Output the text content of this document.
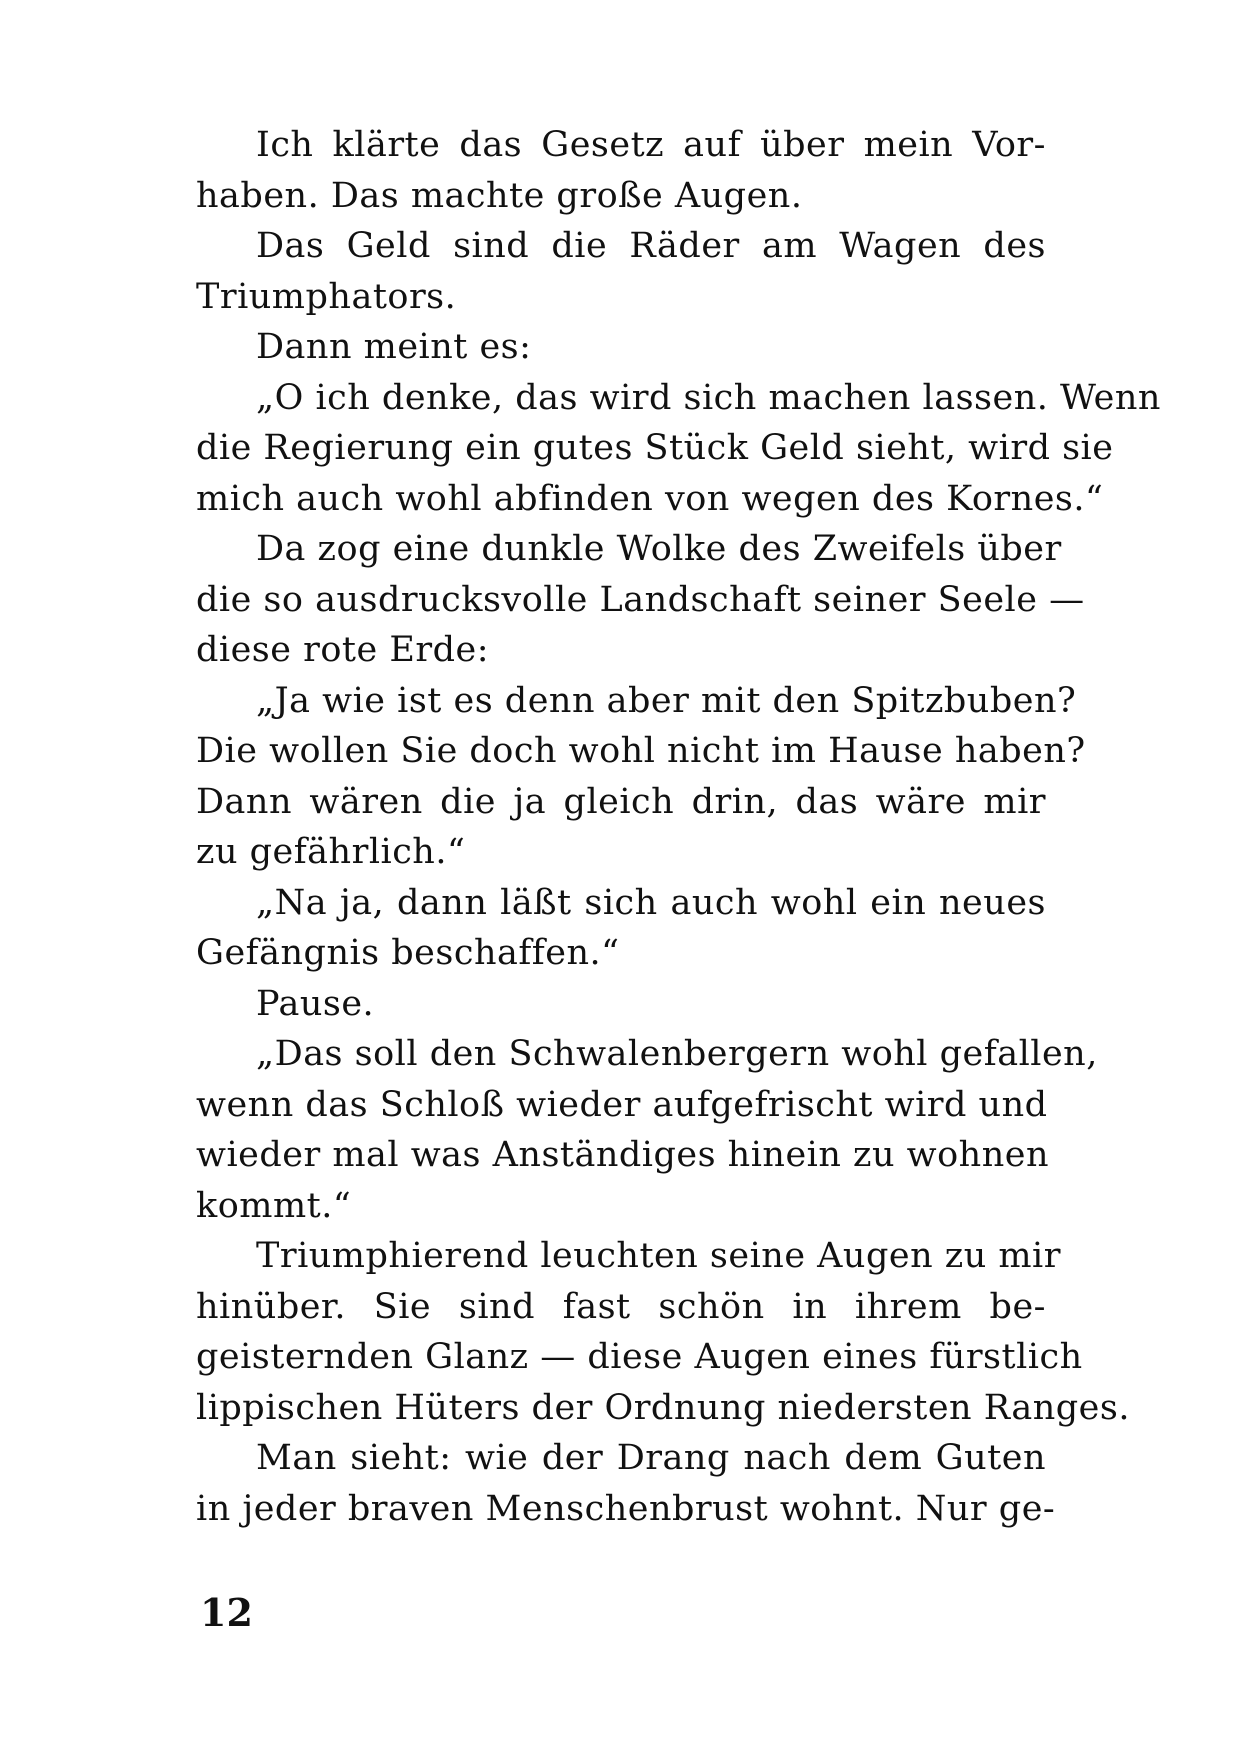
Ich klärte das Gesetz auf über mein Vor-
haben. Das machte große Augen.
Das Geld sind die Räder am Wagen des
Triumphators.
Dann meint es:
„O ich denke, das wird sich machen lassen. Wenn
die Regierung ein gutes Stück Geld sieht, wird sie
mich auch wohl abfinden von wegen des Kornes.“
Da zog eine dunkle Wolke des Zweifels über
die so ausdrucksvolle Landschaft seiner Seele —
diese rote Erde:
„Ja wie ist es denn aber mit den Spitzbuben?
Die wollen Sie doch wohl nicht im Hause haben?
Dann wären die ja gleich drin, das wäre mir
zu gefährlich.“
„Na ja, dann läßt sich auch wohl ein neues
Gefängnis beschaffen.“
Pause.
„Das soll den Schwalenbergern wohl gefallen,
wenn das Schloß wieder aufgefrischt wird und
wieder mal was Anständiges hinein zu wohnen
kommt.“
Triumphierend leuchten seine Augen zu mir
hinüber. Sie sind fast schön in ihrem be-
geisternden Glanz — diese Augen eines fürstlich
lippischen Hüters der Ordnung niedersten Ranges.
Man sieht: wie der Drang nach dem Guten
in jeder braven Menschenbrust wohnt. Nur ge-
12
